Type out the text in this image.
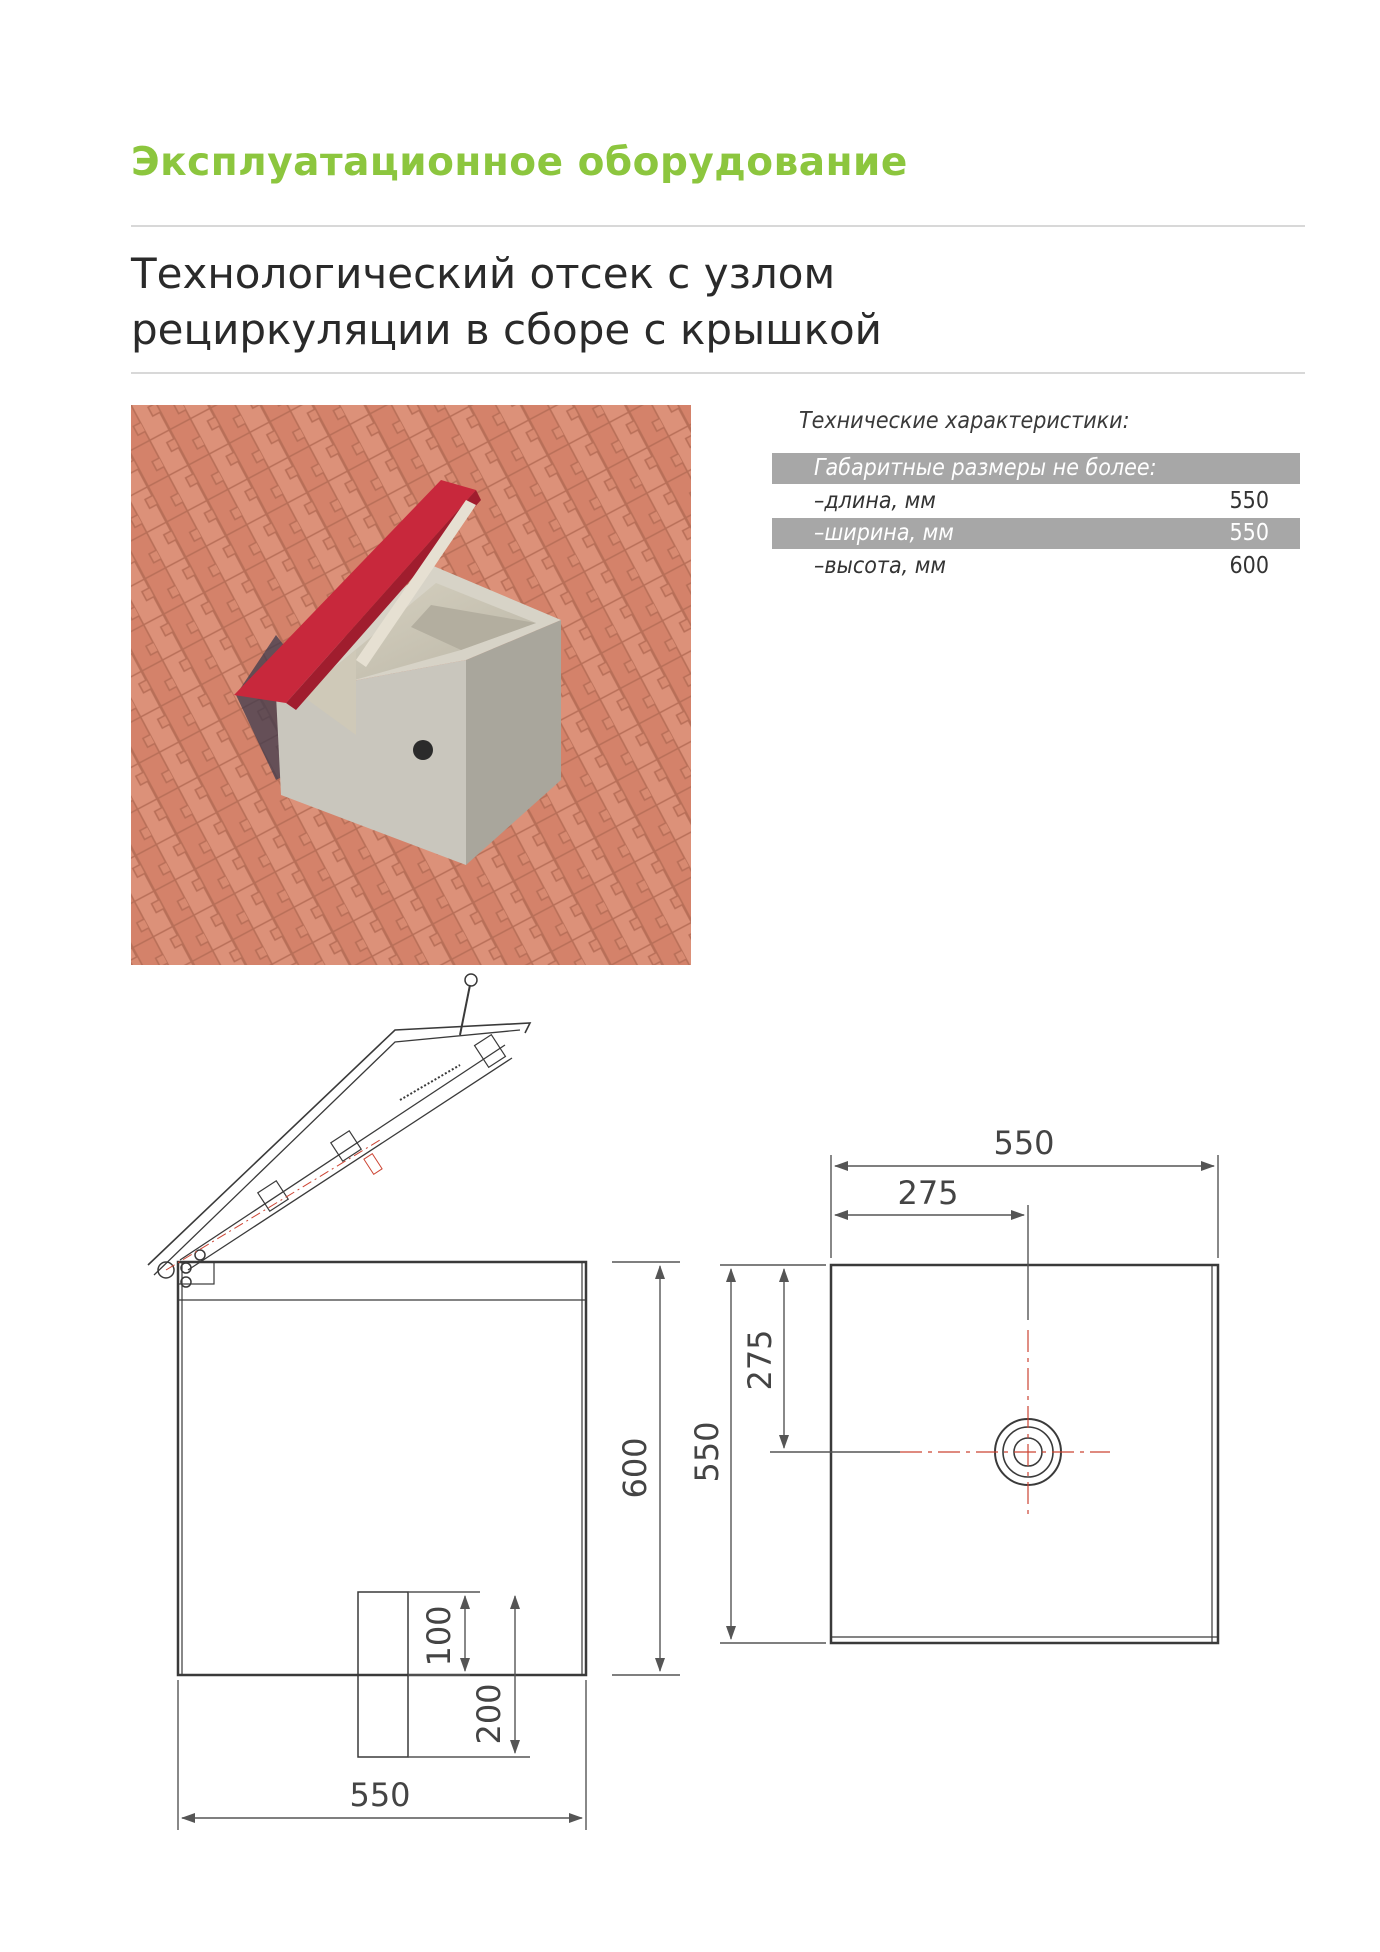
Эксплуатационное оборудование
Технологический отсек с узлом
рециркуляции в сборе с крышкой
Технические характеристики:
Габаритные размеры не более:
–длина, мм	550
–ширина, мм	550
–высота, мм	600
550
600
100
200
550
275
550
275
